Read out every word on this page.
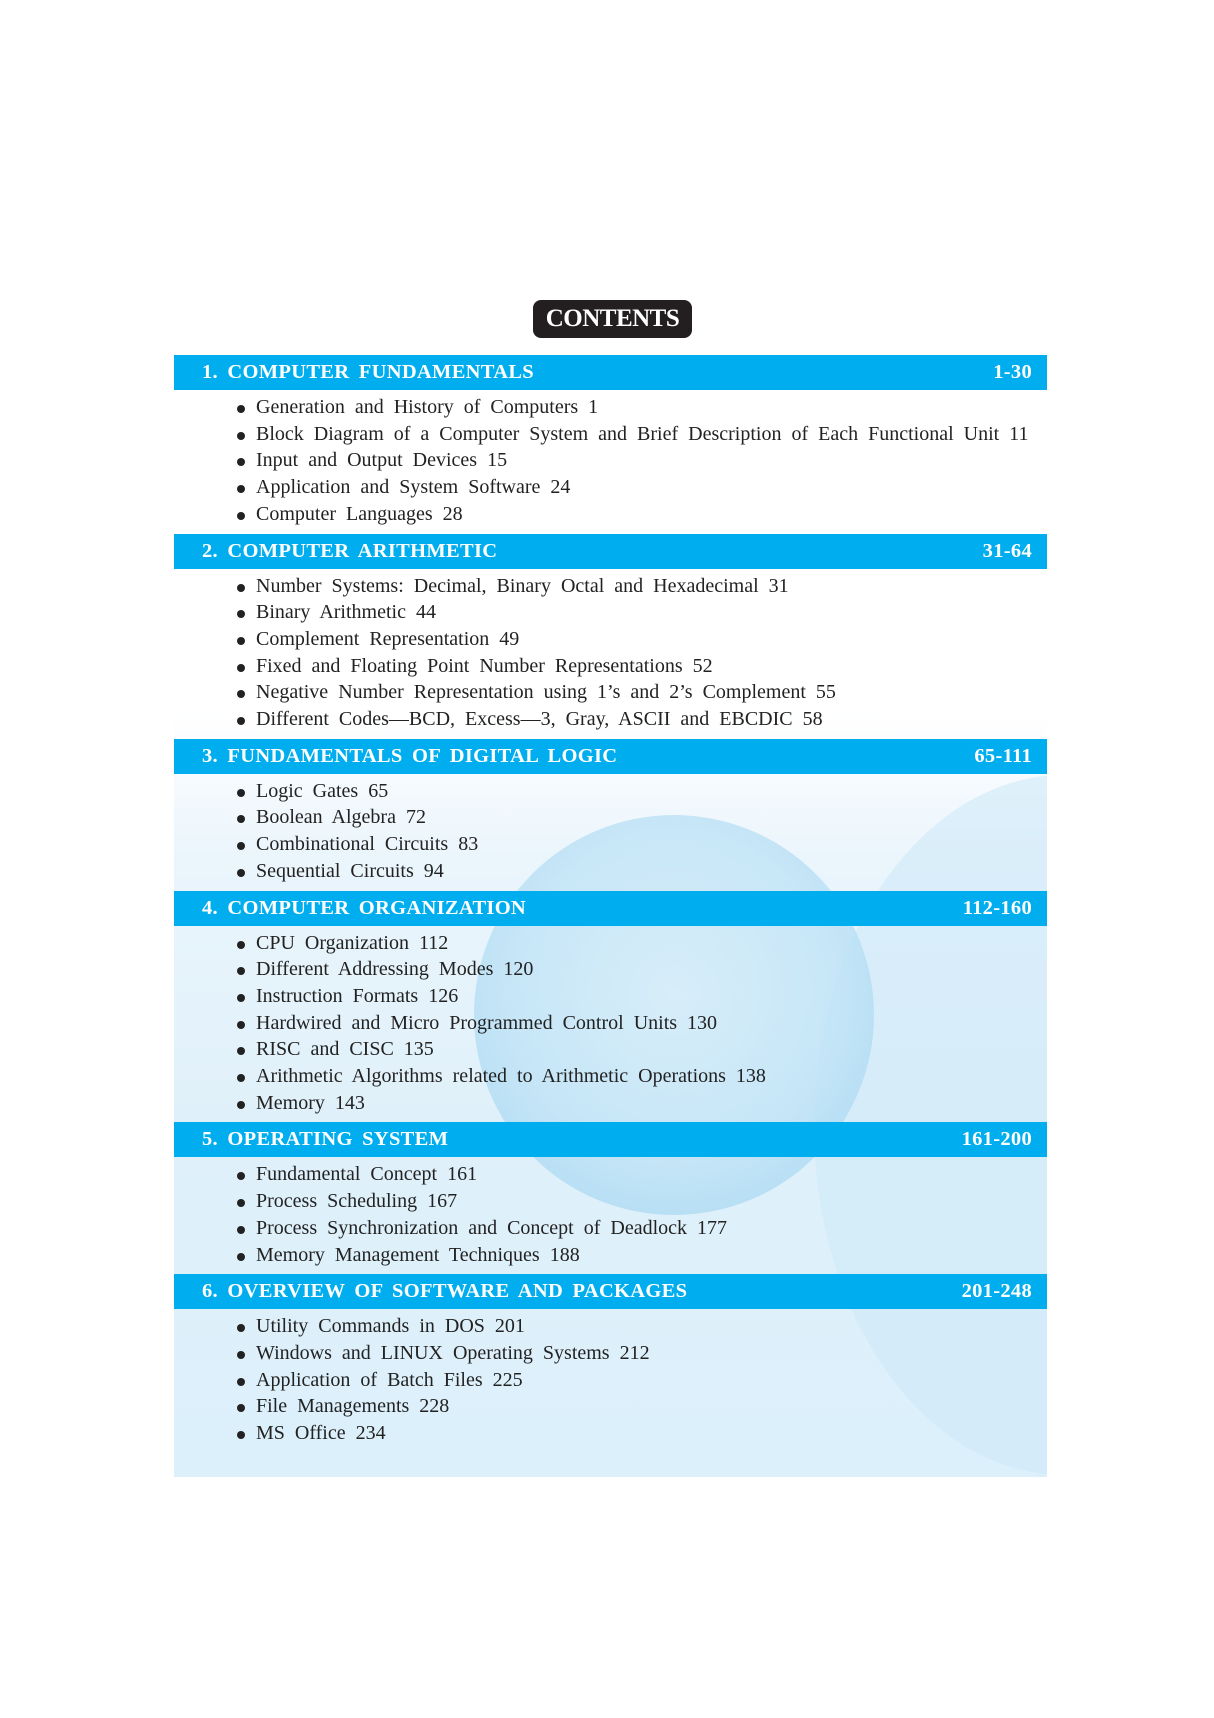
CONTENTS
1. COMPUTER FUNDAMENTALS	1-30
Generation and History of Computers 1
Block Diagram of a Computer System and Brief Description of Each Functional Unit 11
Input and Output Devices 15
Application and System Software 24
Computer Languages 28
2. COMPUTER ARITHMETIC	31-64
Number Systems: Decimal, Binary Octal and Hexadecimal 31
Binary Arithmetic 44
Complement Representation 49
Fixed and Floating Point Number Representations 52
Negative Number Representation using 1’s and 2’s Complement 55
Different Codes—BCD, Excess—3, Gray, ASCII and EBCDIC 58
3. FUNDAMENTALS OF DIGITAL LOGIC	65-111
Logic Gates 65
Boolean Algebra 72
Combinational Circuits 83
Sequential Circuits 94
4. COMPUTER ORGANIZATION	112-160
CPU Organization 112
Different Addressing Modes 120
Instruction Formats 126
Hardwired and Micro Programmed Control Units 130
RISC and CISC 135
Arithmetic Algorithms related to Arithmetic Operations 138
Memory 143
5. OPERATING SYSTEM	161-200
Fundamental Concept 161
Process Scheduling 167
Process Synchronization and Concept of Deadlock 177
Memory Management Techniques 188
6. OVERVIEW OF SOFTWARE AND PACKAGES	201-248
Utility Commands in DOS 201
Windows and LINUX Operating Systems 212
Application of Batch Files 225
File Managements 228
MS Office 234
